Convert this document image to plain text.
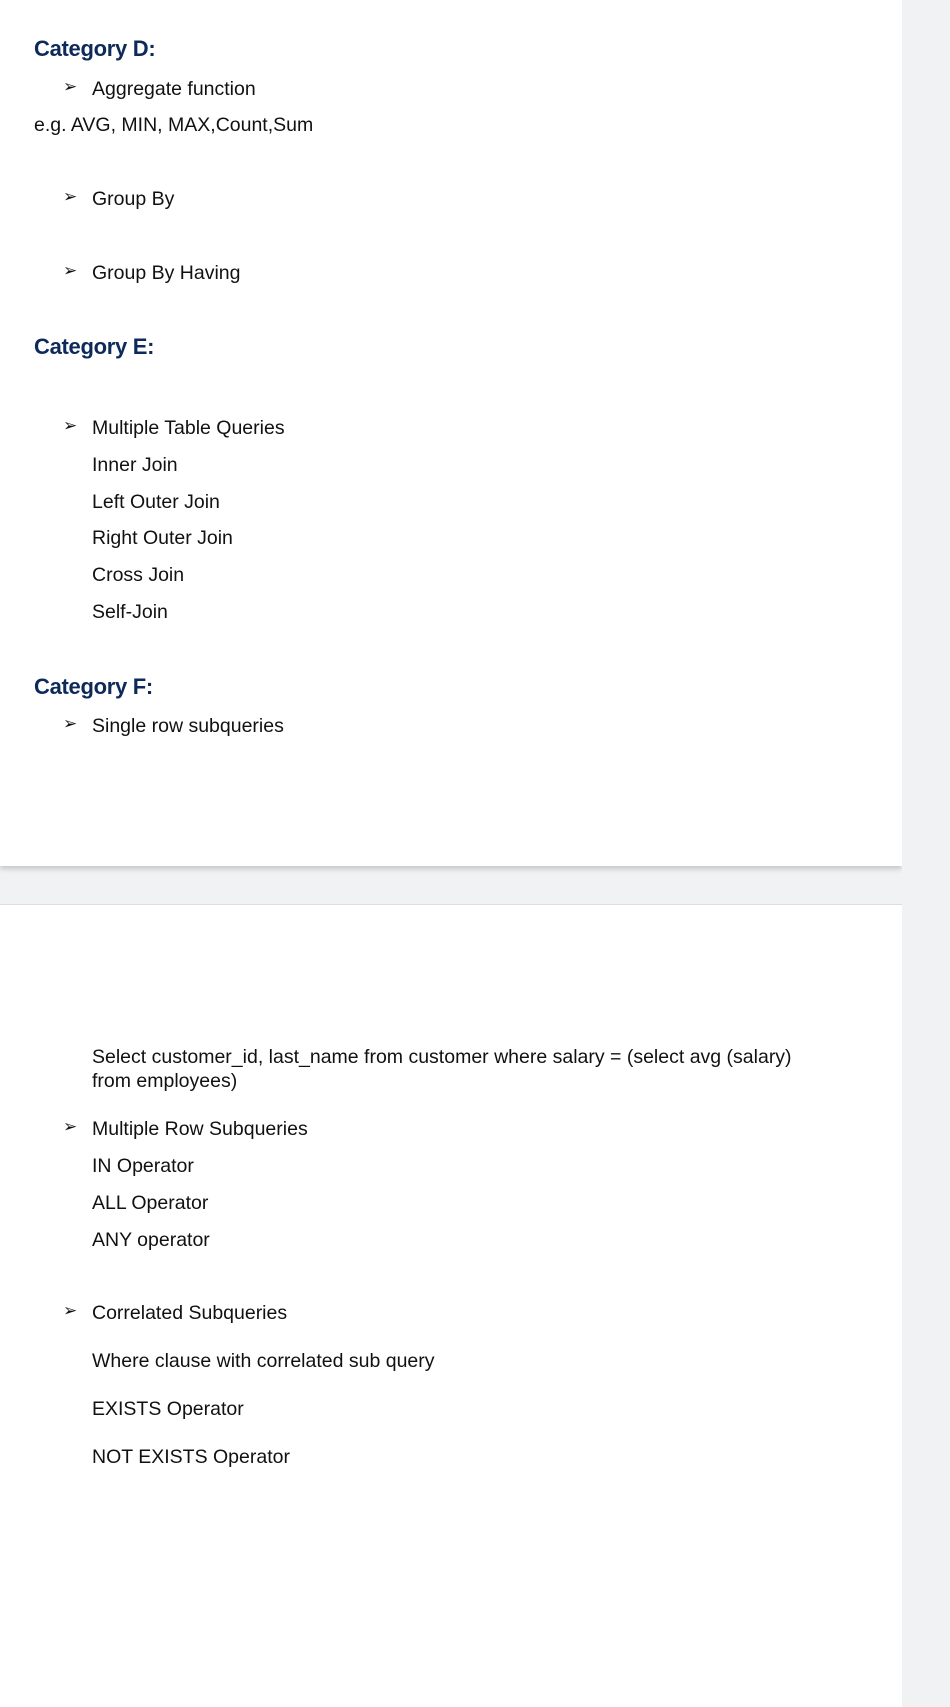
Category D:
➢ Aggregate function
e.g. AVG, MIN, MAX,Count,Sum
➢ Group By
➢ Group By Having
Category E:
➢ Multiple Table Queries
Inner Join
Left Outer Join
Right Outer Join
Cross Join
Self-Join
Category F:
➢ Single row subqueries
Select customer_id, last_name from customer where salary = (select avg (salary) from employees)
➢ Multiple Row Subqueries
IN Operator
ALL Operator
ANY operator
➢ Correlated Subqueries
Where clause with correlated sub query
EXISTS Operator
NOT EXISTS Operator
